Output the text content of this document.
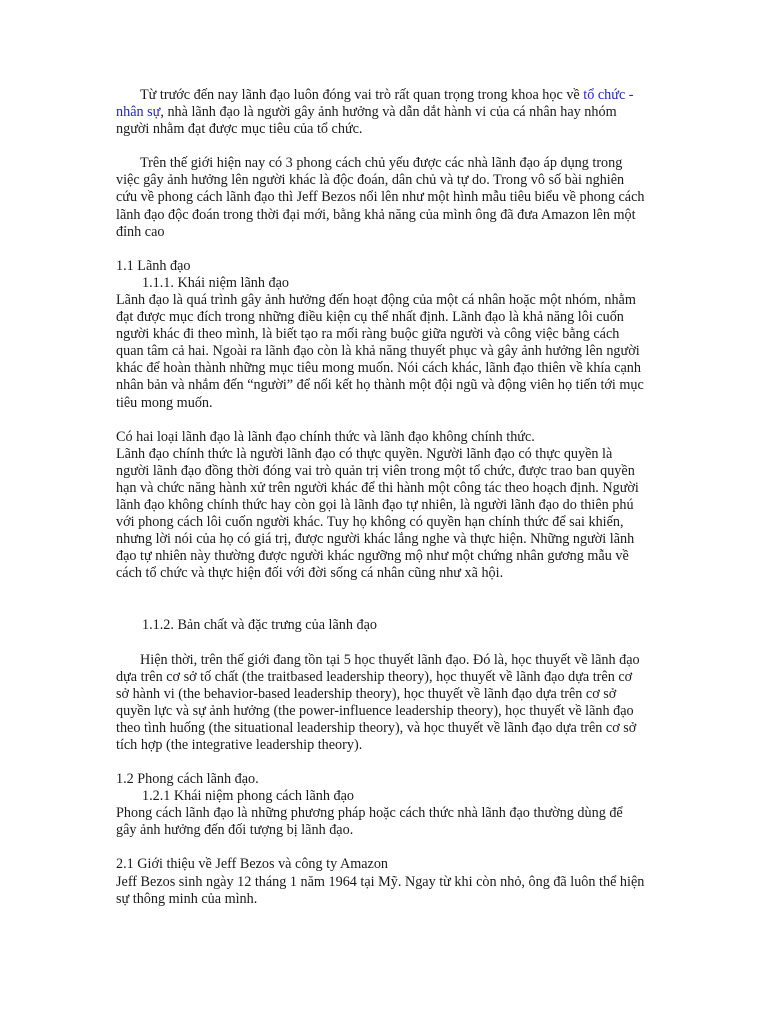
Từ trước đến nay lãnh đạo luôn đóng vai trò rất quan trọng trong khoa học về tổ chức - nhân sự, nhà lãnh đạo là người gây ảnh hưởng và dẫn dắt hành vi của cá nhân hay nhóm người nhằm đạt được mục tiêu của tổ chức.

Trên thế giới hiện nay có 3 phong cách chủ yếu được các nhà lãnh đạo áp dụng trong việc gây ảnh hưởng lên người khác là độc đoán, dân chủ và tự do. Trong vô số bài nghiên cứu về phong cách lãnh đạo thì Jeff Bezos nổi lên như một hình mẫu tiêu biểu về phong cách lãnh đạo độc đoán trong thời đại mới, bằng khả năng của mình ông đã đưa Amazon lên một đỉnh cao

1.1 Lãnh đạo

1.1.1. Khái niệm lãnh đạo

Lãnh đạo là quá trình gây ảnh hưởng đến hoạt động của một cá nhân hoặc một nhóm, nhằm đạt được mục đích trong những điều kiện cụ thể nhất định. Lãnh đạo là khả năng lôi cuốn người khác đi theo mình, là biết tạo ra mối ràng buộc giữa người và công việc bằng cách quan tâm cả hai. Ngoài ra lãnh đạo còn là khả năng thuyết phục và gây ảnh hưởng lên người khác để hoàn thành những mục tiêu mong muốn. Nói cách khác, lãnh đạo thiên về khía cạnh nhân bản và nhắm đến “người” để nối kết họ thành một đội ngũ và động viên họ tiến tới mục tiêu mong muốn.

Có hai loại lãnh đạo là lãnh đạo chính thức và lãnh đạo không chính thức.

Lãnh đạo chính thức là người lãnh đạo có thực quyền. Người lãnh đạo có thực quyền là người lãnh đạo đồng thời đóng vai trò quản trị viên trong một tổ chức, được trao ban quyền hạn và chức năng hành xử trên người khác để thi hành một công tác theo hoạch định. Người lãnh đạo không chính thức hay còn gọi là lãnh đạo tự nhiên, là người lãnh đạo do thiên phú với phong cách lôi cuốn người khác. Tuy họ không có quyền hạn chính thức để sai khiến, nhưng lời nói của họ có giá trị, được người khác lắng nghe và thực hiện. Những người lãnh đạo tự nhiên này thường được người khác ngưỡng mộ như một chứng nhân gương mẫu về cách tổ chức và thực hiện đối với đời sống cá nhân cũng như xã hội.

1.1.2. Bản chất và đặc trưng của lãnh đạo

Hiện thời, trên thế giới đang tồn tại 5 học thuyết lãnh đạo. Đó là, học thuyết về lãnh đạo dựa trên cơ sở tố chất (the traitbased leadership theory), học thuyết về lãnh đạo dựa trên cơ sở hành vi (the behavior-based leadership theory), học thuyết về lãnh đạo dựa trên cơ sở quyền lực và sự ảnh hưởng (the power-influence leadership theory), học thuyết về lãnh đạo theo tình huống (the situational leadership theory), và học thuyết về lãnh đạo dựa trên cơ sở tích hợp (the integrative leadership theory).

1.2 Phong cách lãnh đạo.

1.2.1 Khái niệm phong cách lãnh đạo

Phong cách lãnh đạo là những phương pháp hoặc cách thức nhà lãnh đạo thường dùng để gây ảnh hưởng đến đối tượng bị lãnh đạo.

2.1 Giới thiệu về Jeff Bezos và công ty Amazon

Jeff Bezos sinh ngày 12 tháng 1 năm 1964 tại Mỹ. Ngay từ khi còn nhỏ, ông đã luôn thể hiện sự thông minh của mình.
